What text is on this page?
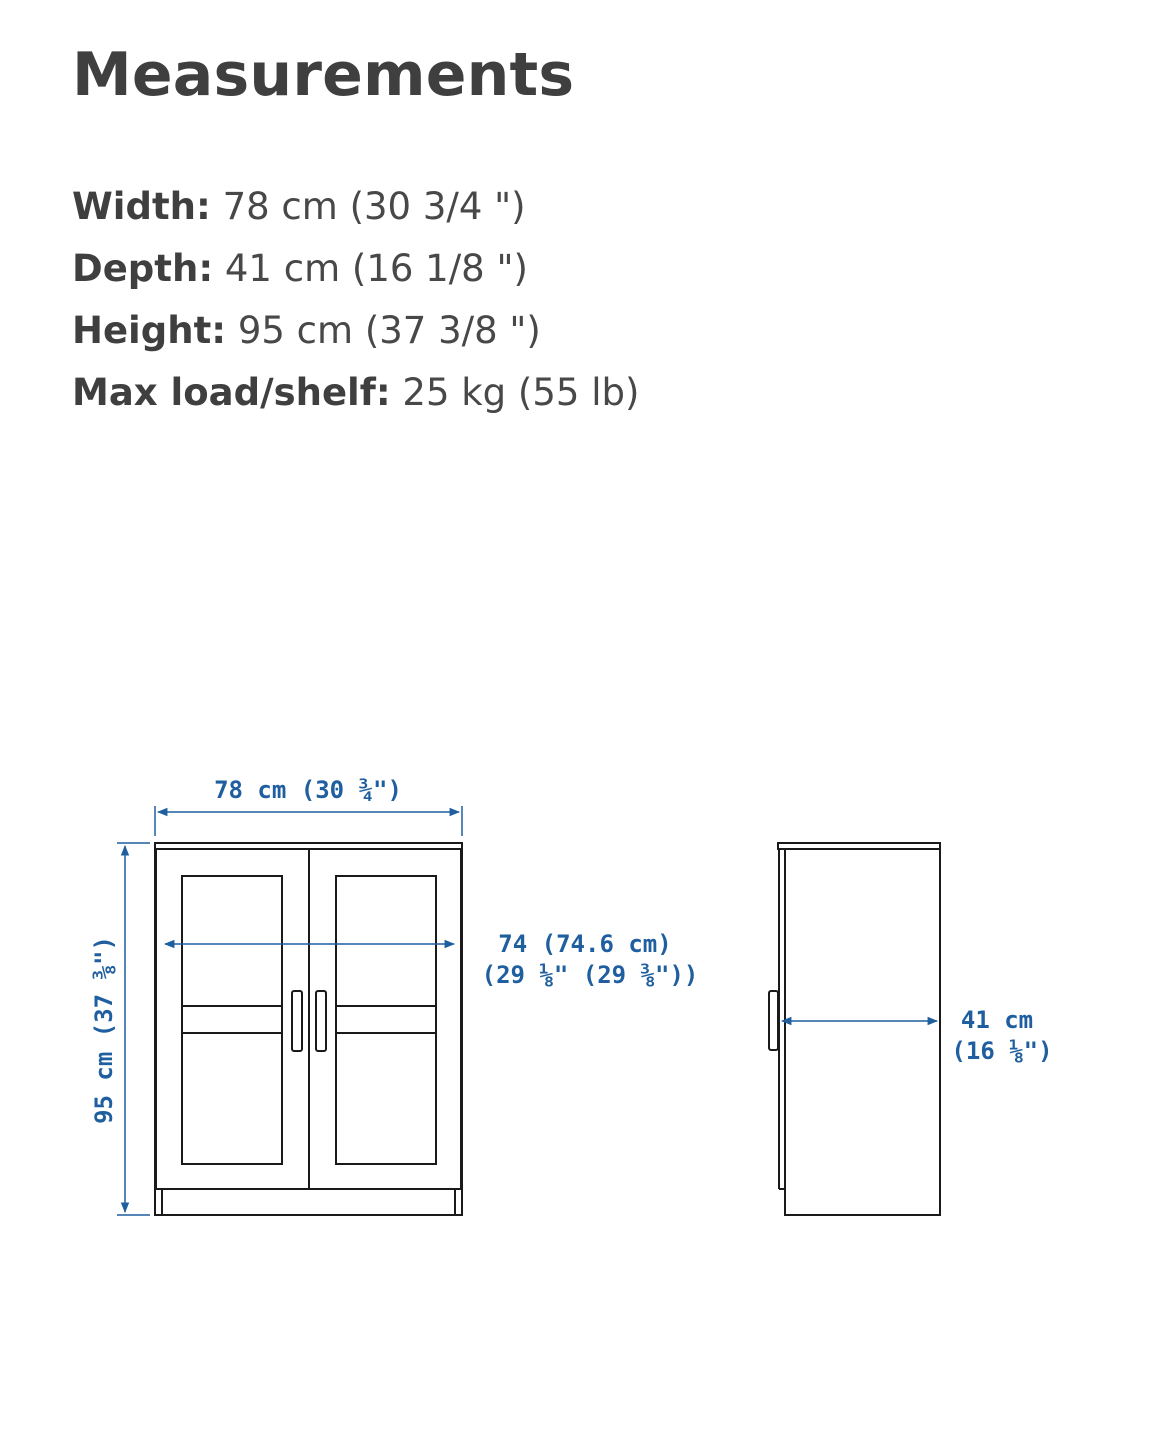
Measurements
Width: 78 cm (30 3/4 ")
Depth: 41 cm (16 1/8 ")
Height: 95 cm (37 3/8 ")
Max load/shelf: 25 kg (55 lb)
78 cm (30 ¾")
95 cm (37 ⅜")	74 (74.6 cm)
(29 ⅛" (29 ⅜"))
41 cm
(16 ⅛")
